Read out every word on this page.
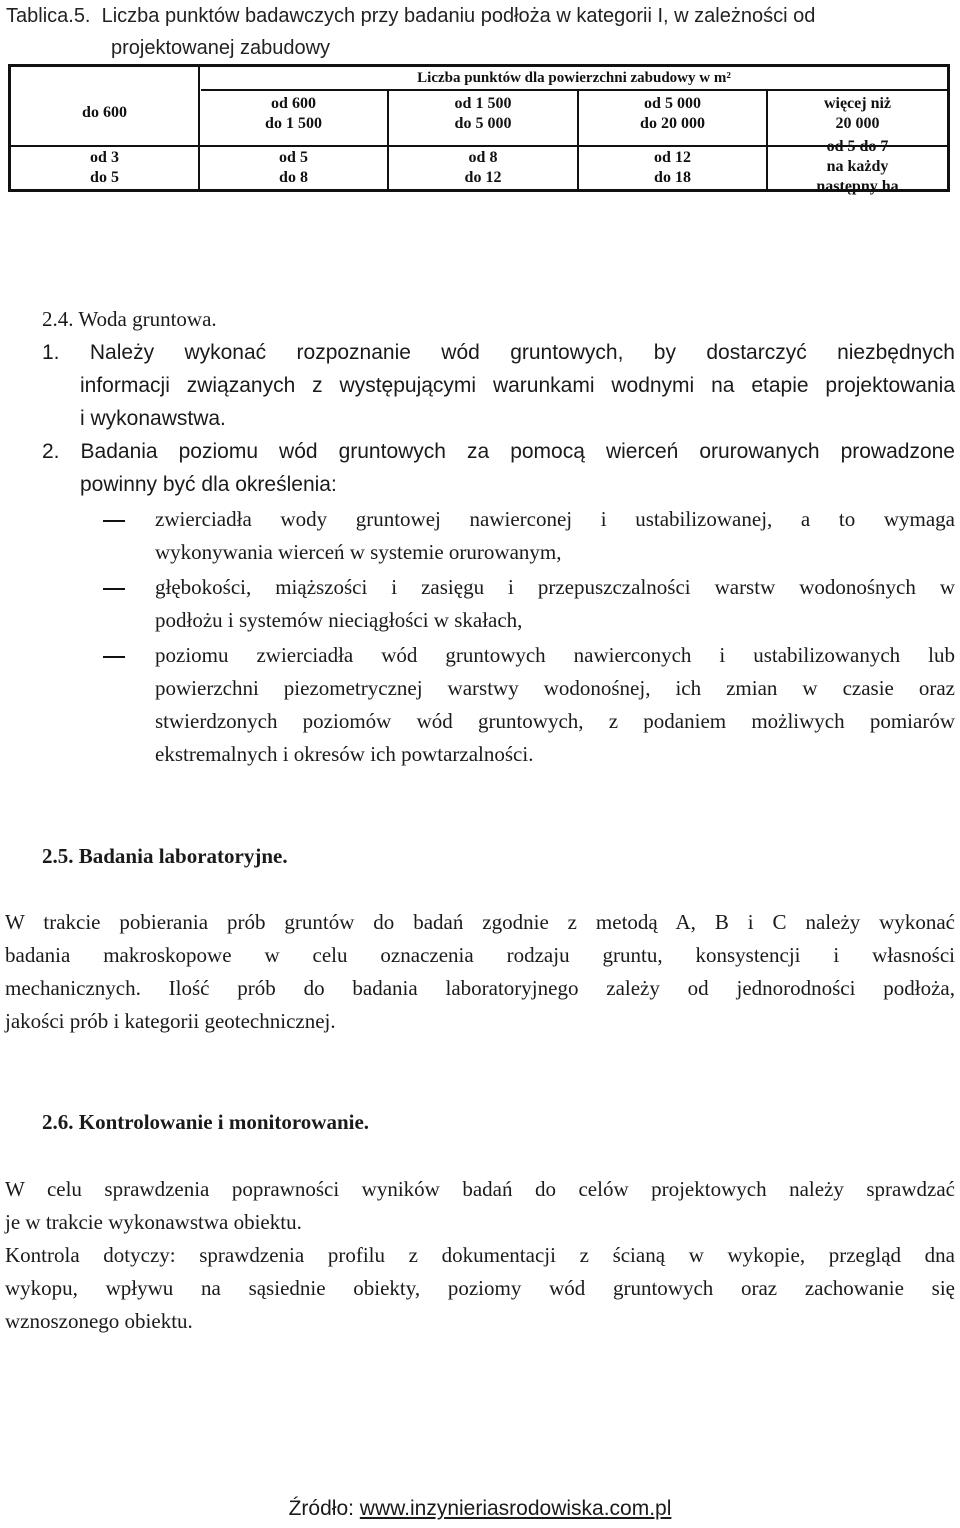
Tablica.5.  Liczba punktów badawczych przy badaniu podłoża w kategorii I, w zależności od
projektowanej zabudowy
Liczba punktów dla powierzchni zabudowy w m²
do 600
od 600
do 1 500
od 1 500
do 5 000
od 5 000
do 20 000
więcej niż
20 000
od 3
do 5
od 5
do 8
od 8
do 12
od 12
do 18
od 5 do 7
na każdy
następny ha
2.4. Woda gruntowa.
1. Należy wykonać rozpoznanie wód gruntowych, by dostarczyć niezbędnych
informacji związanych z występującymi warunkami wodnymi na etapie projektowania
i wykonawstwa.
2. Badania poziomu wód gruntowych za pomocą wierceń orurowanych prowadzone
powinny być dla określenia:
zwierciadła wody gruntowej nawierconej i ustabilizowanej, a to wymaga
wykonywania wierceń w systemie orurowanym,
głębokości, miąższości i zasięgu i przepuszczalności warstw wodonośnych w
podłożu i systemów nieciągłości w skałach,
poziomu zwierciadła wód gruntowych nawierconych i ustabilizowanych lub
powierzchni piezometrycznej warstwy wodonośnej, ich zmian w czasie oraz
stwierdzonych poziomów wód gruntowych, z podaniem możliwych pomiarów
ekstremalnych i okresów ich powtarzalności.
2.5. Badania laboratoryjne.
W trakcie pobierania prób gruntów do badań zgodnie z metodą A, B i C należy wykonać
badania makroskopowe w celu oznaczenia rodzaju gruntu, konsystencji i własności
mechanicznych. Ilość prób do badania laboratoryjnego zależy od jednorodności podłoża,
jakości prób i kategorii geotechnicznej.
2.6. Kontrolowanie i monitorowanie.
W celu sprawdzenia poprawności wyników badań do celów projektowych należy sprawdzać
je w trakcie wykonawstwa obiektu.
Kontrola dotyczy: sprawdzenia profilu z dokumentacji z ścianą w wykopie, przegląd dna
wykopu, wpływu na sąsiednie obiekty, poziomy wód gruntowych oraz zachowanie się
wznoszonego obiektu.
Źródło: www.inzynieriasrodowiska.com.pl
